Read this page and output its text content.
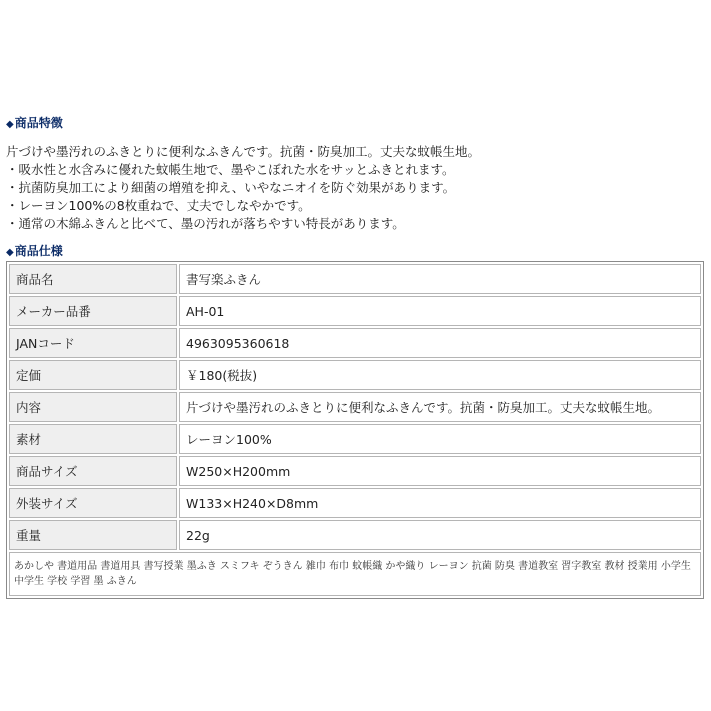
◆商品特徴
片づけや墨汚れのふきとりに便利なふきんです。抗菌・防臭加工。丈夫な蚊帳生地。
・吸水性と水含みに優れた蚊帳生地で、墨やこぼれた水をサッとふきとれます。
・抗菌防臭加工により細菌の増殖を抑え、いやなニオイを防ぐ効果があります。
・レーヨン100%の8枚重ねで、丈夫でしなやかです。
・通常の木綿ふきんと比べて、墨の汚れが落ちやすい特長があります。
◆商品仕様
商品名	書写楽ふきん
メーカー品番	AH-01
JANコード	4963095360618
定価	￥180(税抜)
内容	片づけや墨汚れのふきとりに便利なふきんです。抗菌・防臭加工。丈夫な蚊帳生地。
素材	レーヨン100%
商品サイズ	W250×H200mm
外装サイズ	W133×H240×D8mm
重量	22g
あかしや 書道用品 書道用具 書写授業 墨ふき スミフキ ぞうきん 雑巾 布巾 蚊帳織 かや織り レーヨン 抗菌 防臭 書道教室 習字教室 教材 授業用 小学生 中学生 学校 学習 墨 ふきん	
